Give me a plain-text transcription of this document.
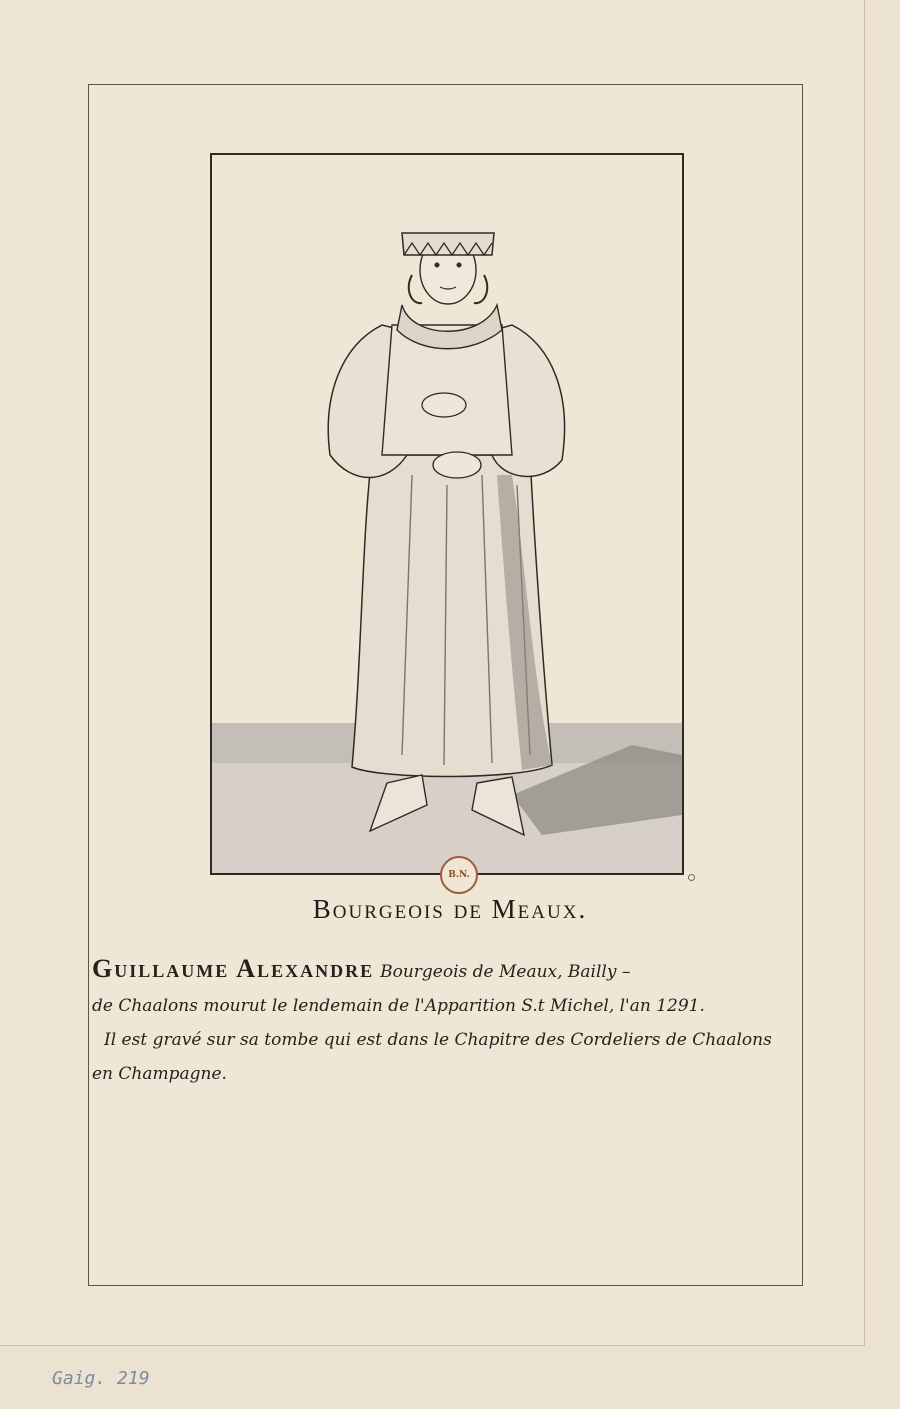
B.N.
Bourgeois de Meaux.
Guillaume Alexandre Bourgeois de Meaux, Bailly –
de Chaalons mourut le lendemain de l'Apparition S.t Michel, l'an 1291.
Il est gravé sur sa tombe qui est dans le Chapitre des Cordeliers de Chaalons
en Champagne.
Gaig. 219
